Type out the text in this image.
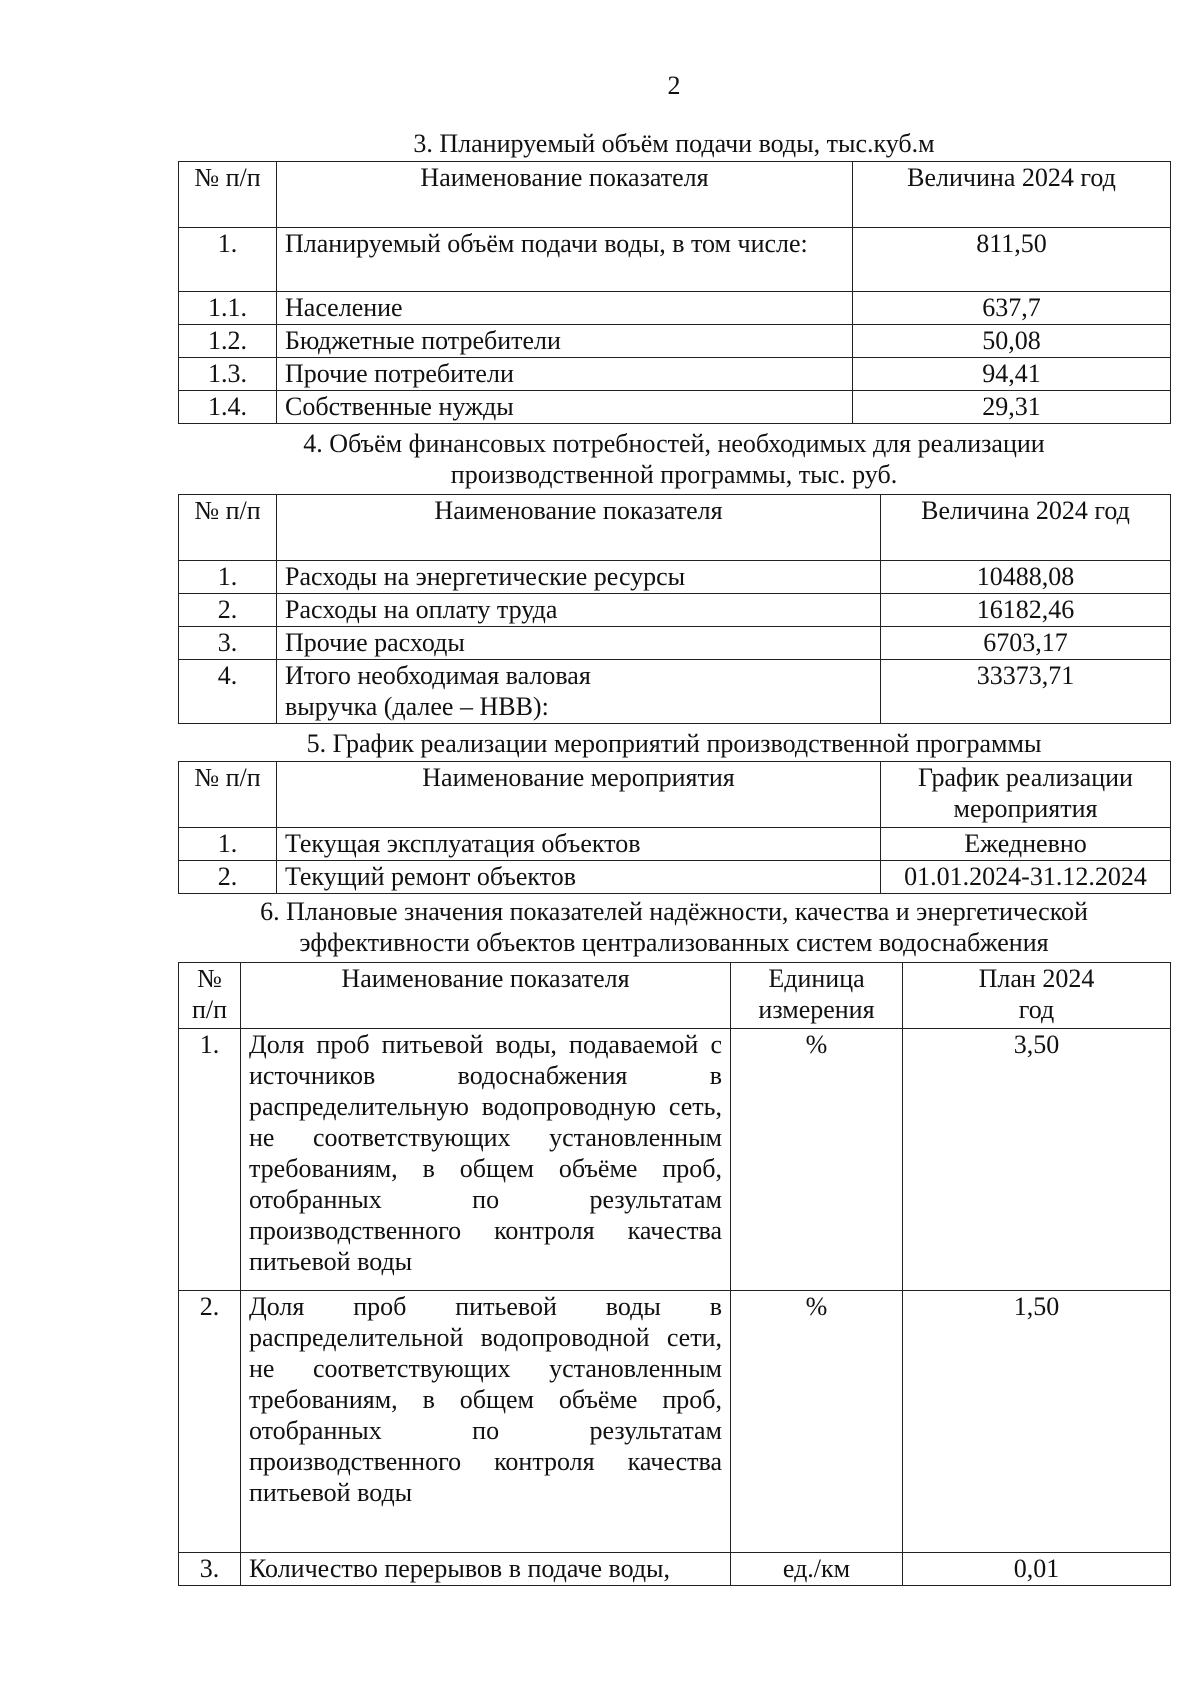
2
3. Планируемый объём подачи воды, тыс.куб.м
№ п/п	Наименование показателя	Величина 2024 год
1.	Планируемый объём подачи воды, в том числе:	811,50
1.1.	Население	637,7
1.2.	Бюджетные потребители	50,08
1.3.	Прочие потребители	94,41
1.4.	Собственные нужды	29,31
4. Объём финансовых потребностей, необходимых для реализации производственной программы, тыс. руб.
№ п/п	Наименование показателя	Величина 2024 год
1.	Расходы на энергетические ресурсы	10488,08
2.	Расходы на оплату труда	16182,46
3.	Прочие расходы	6703,17
4.	Итого необходимая валовая выручка (далее – НВВ):	33373,71
5. График реализации мероприятий производственной программы
№ п/п	Наименование мероприятия	График реализации мероприятия
1.	Текущая эксплуатация объектов	Ежедневно
2.	Текущий ремонт объектов	01.01.2024-31.12.2024
6. Плановые значения показателей надёжности, качества и энергетической эффективности объектов централизованных систем водоснабжения
№ п/п	Наименование показателя	Единица измерения	План 2024 год
1.	Доля проб питьевой воды, подаваемой с источников водоснабжения в распределительную водопроводную сеть, не соответствующих установленным требованиям, в общем объёме проб, отобранных по результатам производственного контроля качества питьевой воды	%	3,50
2.	Доля проб питьевой воды в распределительной водопроводной сети, не соответствующих установленным требованиям, в общем объёме проб, отобранных по результатам производственного контроля качества питьевой воды	%	1,50
3.	Количество перерывов в подаче воды,	ед./км	0,01
